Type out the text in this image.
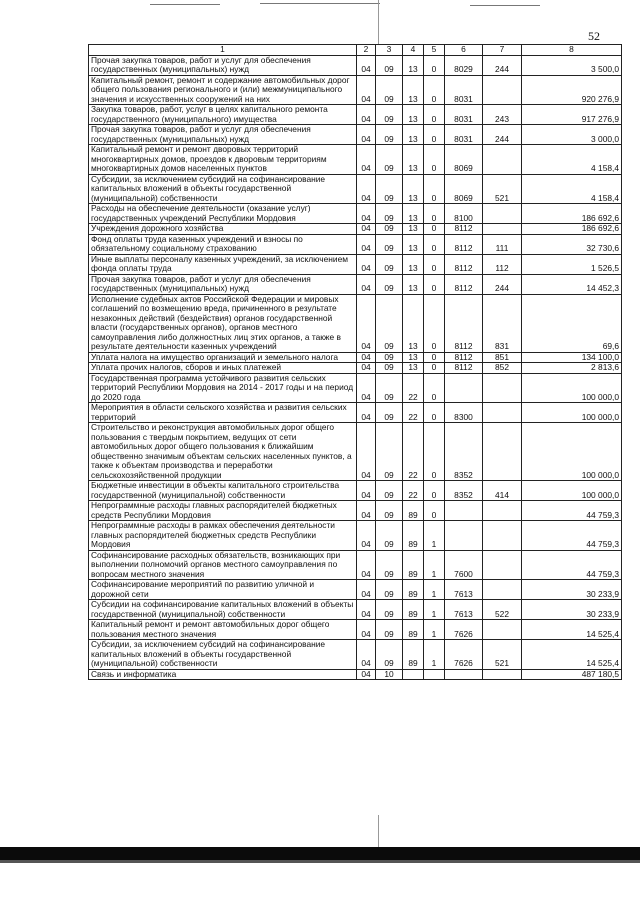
52
1	2	3	4	5	6	7	8
Прочая закупка товаров, работ и услуг для обеспечения государственных (муниципальных) нужд	04	09	13	0	8029	244	3 500,0
Капитальный ремонт, ремонт и содержание автомобильных дорог общего пользования регионального и (или) межмуниципального значения и искусственных сооружений на них	04	09	13	0	8031		920 276,9
Закупка товаров, работ, услуг в целях капитального ремонта государственного (муниципального) имущества	04	09	13	0	8031	243	917 276,9
Прочая закупка товаров, работ и услуг для обеспечения государственных (муниципальных) нужд	04	09	13	0	8031	244	3 000,0
Капитальный ремонт и ремонт дворовых территорий многоквартирных домов, проездов к дворовым территориям многоквартирных домов населенных пунктов	04	09	13	0	8069		4 158,4
Субсидии, за исключением субсидий на софинансирование капитальных вложений в объекты государственной (муниципальной) собственности	04	09	13	0	8069	521	4 158,4
Расходы на обеспечение деятельности (оказание услуг) государственных учреждений Республики Мордовия	04	09	13	0	8100		186 692,6
Учреждения дорожного хозяйства	04	09	13	0	8112		186 692,6
Фонд оплаты труда казенных учреждений и взносы по обязательному социальному страхованию	04	09	13	0	8112	111	32 730,6
Иные выплаты персоналу казенных учреждений, за исключением фонда оплаты труда	04	09	13	0	8112	112	1 526,5
Прочая закупка товаров, работ и услуг для обеспечения государственных (муниципальных) нужд	04	09	13	0	8112	244	14 452,3
Исполнение судебных актов Российской Федерации и мировых соглашений по возмещению вреда, причиненного в результате незаконных действий (бездействия) органов государственной власти (государственных органов), органов местного самоуправления либо должностных лиц этих органов, а также в результате деятельности казенных учреждений	04	09	13	0	8112	831	69,6
Уплата налога на имущество организаций и земельного налога	04	09	13	0	8112	851	134 100,0
Уплата прочих налогов, сборов и иных платежей	04	09	13	0	8112	852	2 813,6
Государственная программа устойчивого развития сельских территорий Республики Мордовия на 2014 - 2017 годы и на период до 2020 года	04	09	22	0			100 000,0
Мероприятия в области сельского хозяйства и развития сельских территорий	04	09	22	0	8300		100 000,0
Строительство и реконструкция автомобильных дорог общего пользования с твердым покрытием, ведущих от сети автомобильных дорог общего пользования к ближайшим общественно значимым объектам сельских населенных пунктов, а также к объектам производства и переработки сельскохозяйственной продукции	04	09	22	0	8352		100 000,0
Бюджетные инвестиции в объекты капитального строительства государственной (муниципальной) собственности	04	09	22	0	8352	414	100 000,0
Непрограммные расходы главных распорядителей бюджетных средств Республики Мордовия	04	09	89	0			44 759,3
Непрограммные расходы в рамках обеспечения деятельности главных распорядителей бюджетных средств Республики Мордовия	04	09	89	1			44 759,3
Софинансирование расходных обязательств, возникающих при выполнении полномочий органов местного самоуправления по вопросам местного значения	04	09	89	1	7600		44 759,3
Софинансирование мероприятий по развитию уличной и дорожной сети	04	09	89	1	7613		30 233,9
Субсидии на софинансирование капитальных вложений в объекты государственной (муниципальной) собственности	04	09	89	1	7613	522	30 233,9
Капитальный ремонт и ремонт автомобильных дорог общего пользования местного значения	04	09	89	1	7626		14 525,4
Субсидии, за исключением субсидий на софинансирование капитальных вложений в объекты государственной (муниципальной) собственности	04	09	89	1	7626	521	14 525,4
Связь и информатика	04	10					487 180,5
